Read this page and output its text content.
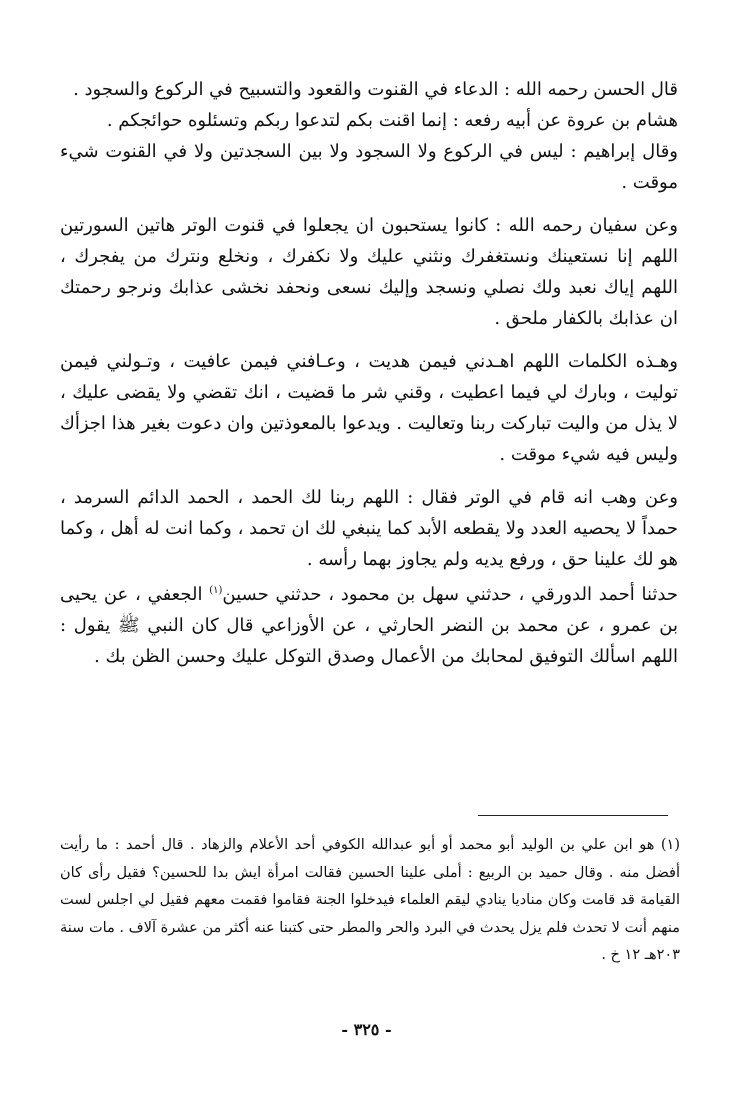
قال الحسن رحمه الله : الدعاء في القنوت والقعود والتسبيح في الركوع والسجود .

هشام بن عروة عن أبيه رفعه : إنما اقنت بكم لتدعوا ربكم وتسئلوه حوائجكم .

وقال إبراهيم : ليس في الركوع ولا السجود ولا بين السجدتين ولا في القنوت شيء موقت .

وعن سفيان رحمه الله : كانوا يستحبون ان يجعلوا في قنوت الوتر هاتين السورتين اللهم إنا نستعينك ونستغفرك ونثني عليك ولا نكفرك ، ونخلع ونترك من يفجرك ، اللهم إياك نعبد ولك نصلي ونسجد وإليك نسعى ونحفد نخشى عذابك ونرجو رحمتك ان عذابك بالكفار ملحق .

وهـذه الكلمات اللهم اهـدني فيمن هديت ، وعـافني فيمن عافيت ، وتـولني فيمن توليت ، وبارك لي فيما اعطيت ، وقني شر ما قضيت ، انك تقضي ولا يقضى عليك ، لا يذل من واليت تباركت ربنا وتعاليت . ويدعوا بالمعوذتين وان دعوت بغير هذا اجزأك وليس فيه شيء موقت .

وعن وهب انه قام في الوتر فقال : اللهم ربنا لك الحمد ، الحمد الدائم السرمد ، حمداً لا يحصيه العدد ولا يقطعه الأبد كما ينبغي لك ان تحمد ، وكما انت له أهل ، وكما هو لك علينا حق ، ورفع يديه ولم يجاوز بهما رأسه .

حدثنا أحمد الدورقي ، حدثني سهل بن محمود ، حدثني حسين$^{(١)}$ الجعفي ، عن يحيى بن عمرو ، عن محمد بن النضر الحارثي ، عن الأوزاعي قال كان النبي ﷺ يقول : اللهم اسألك التوفيق لمحابك من الأعمال وصدق التوكل عليك وحسن الظن بك .

(١) هو ابن علي بن الوليد أبو محمد أو أبو عبدالله الكوفي أحد الأعلام والزهاد . قال أحمد : ما رأيت أفضل منه . وقال حميد بن الربيع : أملى علينا الحسين فقالت امرأة ايش بدا للحسين؟ فقيل رأى كان القيامة قد قامت وكان مناديا ينادي ليقم العلماء فيدخلوا الجنة فقاموا فقمت معهم فقيل لي اجلس لست منهم أنت لا تحدث فلم يزل يحدث في البرد والحر والمطر حتى كتبنا عنه أكثر من عشرة آلاف . مات سنة ٢٠٣هـ ١٢ خ .

- ٣٢٥ -
